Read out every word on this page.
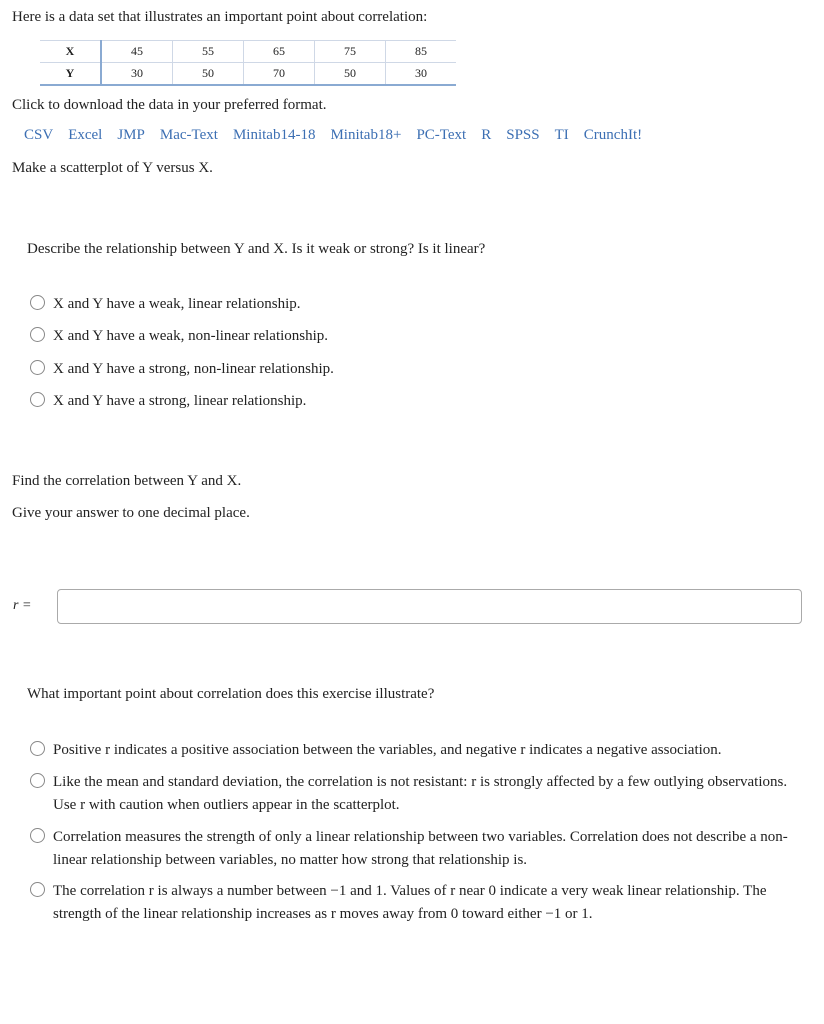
Here is a data set that illustrates an important point about correlation:
X	45	55	65	75	85
Y	30	50	70	50	30
Click to download the data in your preferred format.
CSV Excel JMP Mac-Text Minitab14-18 Minitab18+ PC-Text R SPSS TI CrunchIt!
Make a scatterplot of Y versus X.
Describe the relationship between Y and X. Is it weak or strong? Is it linear?
X and Y have a weak, linear relationship.
X and Y have a weak, non-linear relationship.
X and Y have a strong, non-linear relationship.
X and Y have a strong, linear relationship.
Find the correlation between Y and X.
Give your answer to one decimal place.
r =
What important point about correlation does this exercise illustrate?
Positive r indicates a positive association between the variables, and negative r indicates a negative association.
Like the mean and standard deviation, the correlation is not resistant: r is strongly affected by a few outlying observations. Use r with caution when outliers appear in the scatterplot.
Correlation measures the strength of only a linear relationship between two variables. Correlation does not describe a non-linear relationship between variables, no matter how strong that relationship is.
The correlation r is always a number between −1 and 1. Values of r near 0 indicate a very weak linear relationship. The strength of the linear relationship increases as r moves away from 0 toward either −1 or 1.
